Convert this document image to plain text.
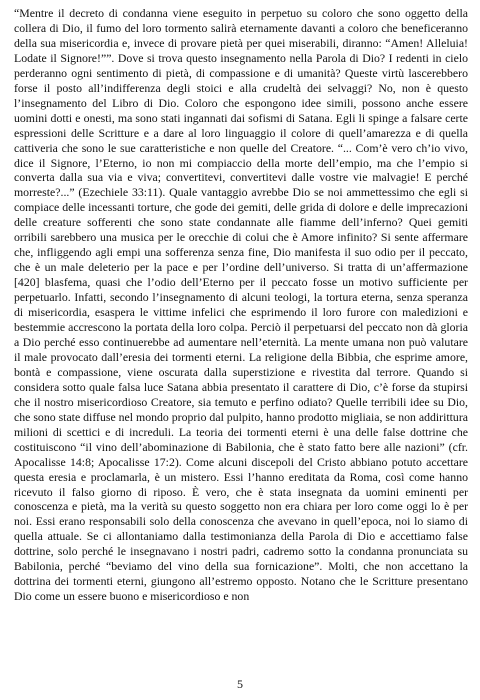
“Mentre il decreto di condanna viene eseguito in perpetuo su coloro che sono oggetto della collera di Dio, il fumo del loro tormento salirà eternamente davanti a coloro che beneficeranno della sua misericordia e, invece di provare pietà per quei miserabili, diranno: “Amen! Alleluia! Lodate il Signore!””. Dove si trova questo insegnamento nella Parola di Dio? I redenti in cielo perderanno ogni sentimento di pietà, di compassione e di umanità? Queste virtù lascerebbero forse il posto all’indifferenza degli stoici e alla crudeltà dei selvaggi? No, non è questo l’insegnamento del Libro di Dio. Coloro che espongono idee simili, possono anche essere uomini dotti e onesti, ma sono stati ingannati dai sofismi di Satana. Egli li spinge a falsare certe espressioni delle Scritture e a dare al loro linguaggio il colore di quell’amarezza e di quella cattiveria che sono le sue caratteristiche e non quelle del Creatore. “... Com’è vero ch’io vivo, dice il Signore, l’Eterno, io non mi compiaccio della morte dell’empio, ma che l’empio si converta dalla sua via e viva; convertitevi, convertitevi dalle vostre vie malvagie! E perché morreste?...” (Ezechiele 33:11). Quale vantaggio avrebbe Dio se noi ammettessimo che egli si compiace delle incessanti torture, che gode dei gemiti, delle grida di dolore e delle imprecazioni delle creature sofferenti che sono state condannate alle fiamme dell’inferno? Quei gemiti orribili sarebbero una musica per le orecchie di colui che è Amore infinito? Si sente affermare che, infliggendo agli empi una sofferenza senza fine, Dio manifesta il suo odio per il peccato, che è un male deleterio per la pace e per l’ordine dell’universo. Si tratta di un’affermazione [420] blasfema, quasi che l’odio dell’Eterno per il peccato fosse un motivo sufficiente per perpetuarlo. Infatti, secondo l’insegnamento di alcuni teologi, la tortura eterna, senza speranza di misericordia, esaspera le vittime infelici che esprimendo il loro furore con maledizioni e bestemmie accrescono la portata della loro colpa. Perciò il perpetuarsi del peccato non dà gloria a Dio perché esso continuerebbe ad aumentare nell’eternità. La mente umana non può valutare il male provocato dall’eresia dei tormenti eterni. La religione della Bibbia, che esprime amore, bontà e compassione, viene oscurata dalla superstizione e rivestita dal terrore. Quando si considera sotto quale falsa luce Satana abbia presentato il carattere di Dio, c’è forse da stupirsi che il nostro misericordioso Creatore, sia temuto e perfino odiato? Quelle terribili idee su Dio, che sono state diffuse nel mondo proprio dal pulpito, hanno prodotto migliaia, se non addirittura milioni di scettici e di increduli. La teoria dei tormenti eterni è una delle false dottrine che costituiscono “il vino dell’abominazione di Babilonia, che è stato fatto bere alle nazioni” (cfr. Apocalisse 14:8; Apocalisse 17:2). Come alcuni discepoli del Cristo abbiano potuto accettare questa eresia e proclamarla, è un mistero. Essi l’hanno ereditata da Roma, così come hanno ricevuto il falso giorno di riposo. È vero, che è stata insegnata da uomini eminenti per conoscenza e pietà, ma la verità su questo soggetto non era chiara per loro come oggi lo è per noi. Essi erano responsabili solo della conoscenza che avevano in quell’epoca, noi lo siamo di quella attuale. Se ci allontaniamo dalla testimonianza della Parola di Dio e accettiamo false dottrine, solo perché le insegnavano i nostri padri, cadremo sotto la condanna pronunciata su Babilonia, perché “beviamo del vino della sua fornicazione”. Molti, che non accettano la dottrina dei tormenti eterni, giungono all’estremo opposto. Notano che le Scritture presentano Dio come un essere buono e misericordioso e non

5
